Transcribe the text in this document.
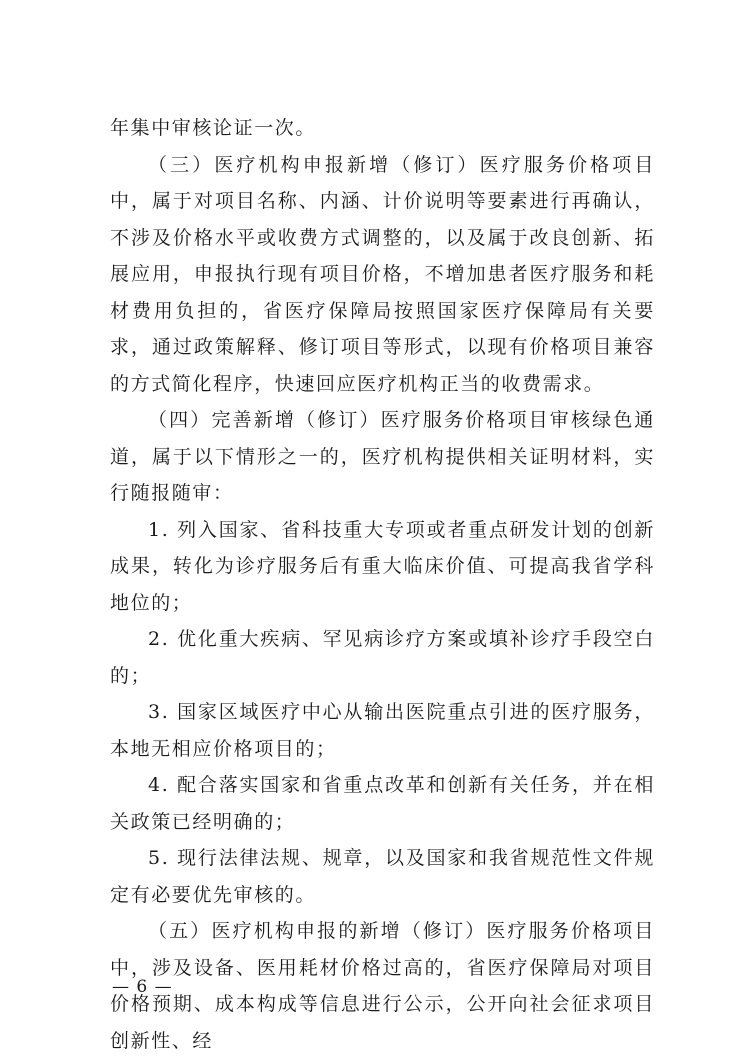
年集中审核论证一次。

（三）医疗机构申报新增（修订）医疗服务价格项目中，属于对项目名称、内涵、计价说明等要素进行再确认，不涉及价格水平或收费方式调整的，以及属于改良创新、拓展应用，申报执行现有项目价格，不增加患者医疗服务和耗材费用负担的，省医疗保障局按照国家医疗保障局有关要求，通过政策解释、修订项目等形式，以现有价格项目兼容的方式简化程序，快速回应医疗机构正当的收费需求。

（四）完善新增（修订）医疗服务价格项目审核绿色通道，属于以下情形之一的，医疗机构提供相关证明材料，实行随报随审：

1. 列入国家、省科技重大专项或者重点研发计划的创新成果，转化为诊疗服务后有重大临床价值、可提高我省学科地位的；

2. 优化重大疾病、罕见病诊疗方案或填补诊疗手段空白的；

3. 国家区域医疗中心从输出医院重点引进的医疗服务，本地无相应价格项目的；

4. 配合落实国家和省重点改革和创新有关任务，并在相关政策已经明确的；

5. 现行法律法规、规章，以及国家和我省规范性文件规定有必要优先审核的。

（五）医疗机构申报的新增（修订）医疗服务价格项目中，涉及设备、医用耗材价格过高的，省医疗保障局对项目价格预期、成本构成等信息进行公示，公开向社会征求项目创新性、经

— 6 —
